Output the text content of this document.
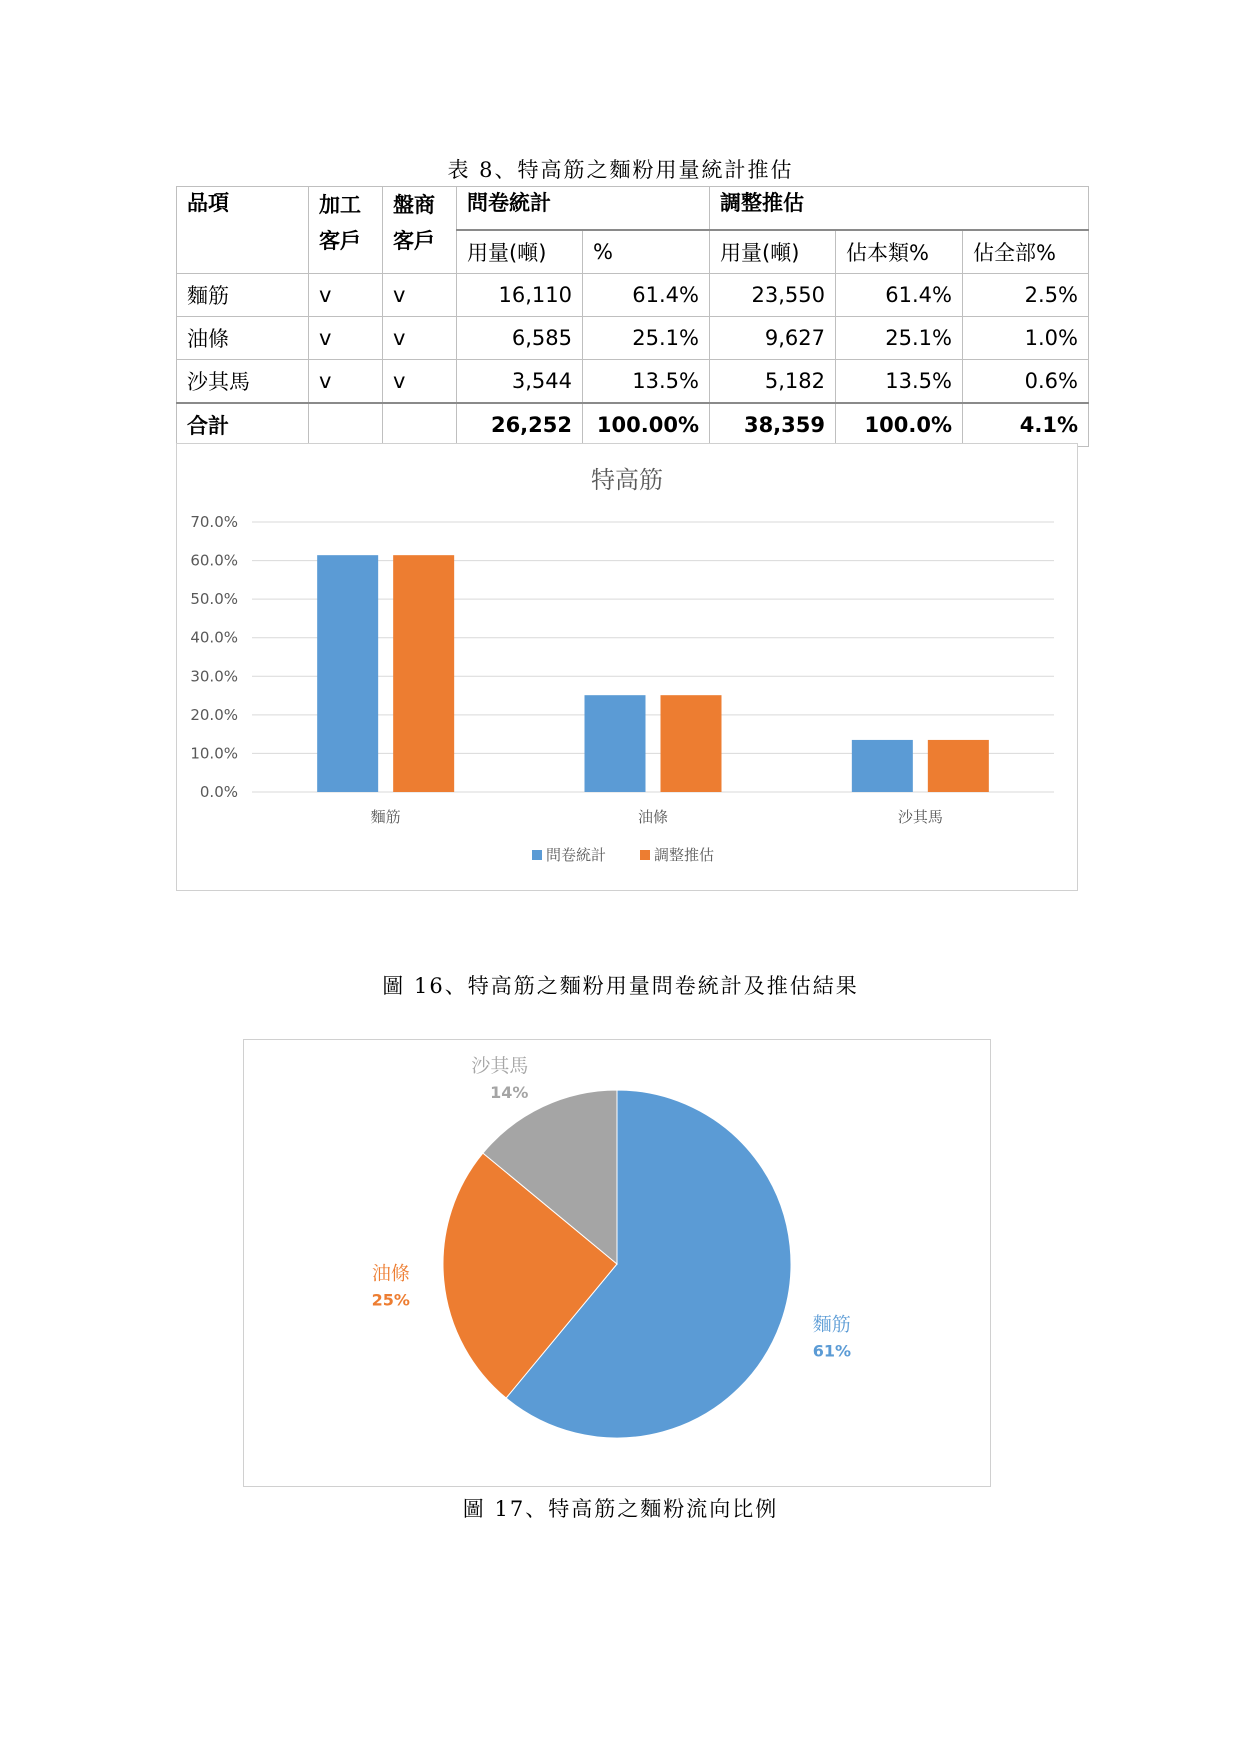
表 8、特高筋之麵粉用量統計推估
品項	加工客戶	盤商客戶	問卷統計		調整推估		
			用量(噸)	%	用量(噸)	佔本類%	佔全部%
麵筋	v	v	16,110	61.4%	23,550	61.4%	2.5%
油條	v	v	6,585	25.1%	9,627	25.1%	1.0%
沙其馬	v	v	3,544	13.5%	5,182	13.5%	0.6%
合計			26,252	100.00%	38,359	100.0%	4.1%
特高筋
0.0%
10.0%
20.0%
30.0%
40.0%
50.0%
60.0%
70.0%
麵筋	油條	沙其馬
問卷統計	調整推估
圖 16、特高筋之麵粉用量問卷統計及推估結果
麵筋
61%
油條
25%
沙其馬
14%
圖 17、特高筋之麵粉流向比例
